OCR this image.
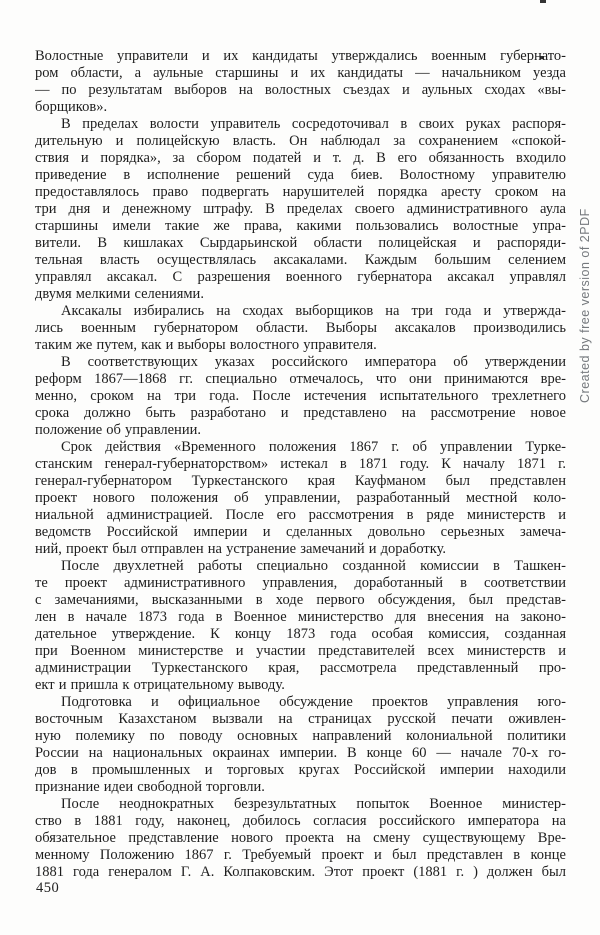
Волостные управители и их кандидаты утверждались военным губернато-
ром области, а аульные старшины и их кандидаты — начальником уезда
— по результатам выборов на волостных съездах и аульных сходах «вы-
борщиков».
В пределах волости управитель сосредоточивал в своих руках распоря-
дительную и полицейскую власть. Он наблюдал за сохранением «спокой-
ствия и порядка», за сбором податей и т. д. В его обязанность входило
приведение в исполнение решений суда биев. Волостному управителю
предоставлялось право подвергать нарушителей порядка аресту сроком на
три дня и денежному штрафу. В пределах своего административного аула
старшины имели такие же права, какими пользовались волостные упра-
вители. В кишлаках Сырдарьинской области полицейская и распоряди-
тельная власть осуществлялась аксакалами. Каждым большим селением
управлял аксакал. С разрешения военного губернатора аксакал управлял
двумя мелкими селениями.
Аксакалы избирались на сходах выборщиков на три года и утвержда-
лись военным губернатором области. Выборы аксакалов производились
таким же путем, как и выборы волостного управителя.
В соответствующих указах российского императора об утверждении
реформ 1867—1868 гг. специально отмечалось, что они принимаются вре-
менно, сроком на три года. После истечения испытательного трехлетнего
срока должно быть разработано и представлено на рассмотрение новое
положение об управлении.
Срок действия «Временного положения 1867 г. об управлении Турке-
станским генерал-губернаторством» истекал в 1871 году. К началу 1871 г.
генерал-губернатором Туркестанского края Кауфманом был представлен
проект нового положения об управлении, разработанный местной коло-
ниальной администрацией. После его рассмотрения в ряде министерств и
ведомств Российской империи и сделанных довольно серьезных замеча-
ний, проект был отправлен на устранение замечаний и доработку.
После двухлетней работы специально созданной комиссии в Ташкен-
те проект административного управления, доработанный в соответствии
с замечаниями, высказанными в ходе первого обсуждения, был представ-
лен в начале 1873 года в Военное министерство для внесения на законо-
дательное утверждение. К концу 1873 года особая комиссия, созданная
при Военном министерстве и участии представителей всех министерств и
администрации Туркестанского края, рассмотрела представленный про-
ект и пришла к отрицательному выводу.
Подготовка и официальное обсуждение проектов управления юго-
восточным Казахстаном вызвали на страницах русской печати оживлен-
ную полемику по поводу основных направлений колониальной политики
России на национальных окраинах империи. В конце 60 — начале 70-х го-
дов в промышленных и торговых кругах Российской империи находили
признание идеи свободной торговли.
После неоднократных безрезультатных попыток Военное министер-
ство в 1881 году, наконец, добилось согласия российского императора на
обязательное представление нового проекта на смену существующему Вре-
менному Положению 1867 г. Требуемый проект и был представлен в конце
1881 года генералом Г. А. Колпаковским. Этот проект (1881 г. ) должен был
450
Created by free version of 2PDF
